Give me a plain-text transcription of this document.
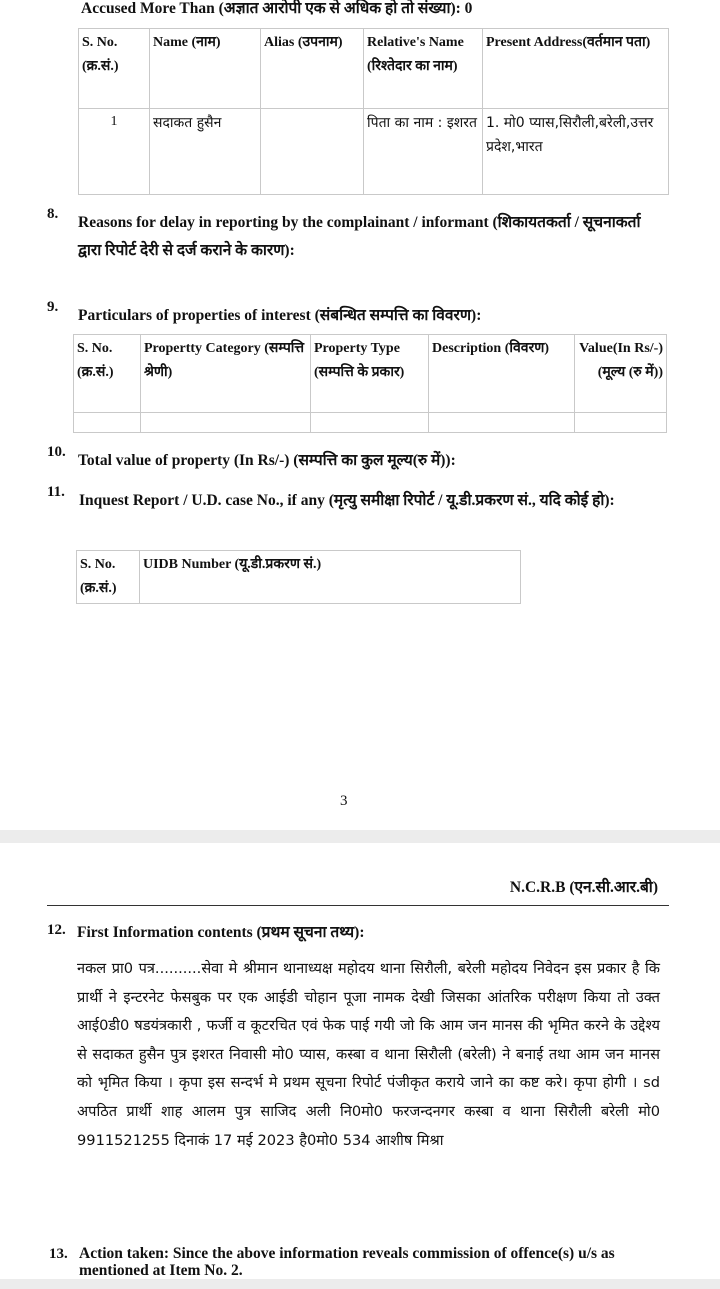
Accused More Than (अज्ञात आरोपी एक से अधिक हो तो संख्या): 0
S. No. (क्र.सं.)	Name (नाम)	Alias (उपनाम)	Relative's Name (रिश्तेदार का नाम)	Present Address(वर्तमान पता)
1	सदाकत हुसैन		पिता का नाम : इशरत	1. मो0 प्यास,सिरौली,बरेली,उत्तर प्रदेश,भारत
8. Reasons for delay in reporting by the complainant / informant (शिकायतकर्ता / सूचनाकर्ता द्वारा रिपोर्ट देरी से दर्ज कराने के कारण):
9. Particulars of properties of interest (संबन्धित सम्पत्ति का विवरण):
S. No. (क्र.सं.)	Propertty Category (सम्पत्ति श्रेणी)	Property Type (सम्पत्ति के प्रकार)	Description (विवरण)	Value(In Rs/-) (मूल्य (रु में))

10. Total value of property (In Rs/-) (सम्पत्ति का कुल मूल्य(रु में)):
11. Inquest Report / U.D. case No., if any (मृत्यु समीक्षा रिपोर्ट / यू.डी.प्रकरण सं., यदि कोई हो):
S. No. (क्र.सं.)	UIDB Number (यू.डी.प्रकरण सं.)
3
N.C.R.B (एन.सी.आर.बी)
12. First Information contents (प्रथम सूचना तथ्य):
नकल प्रा0 पत्र..........सेवा मे श्रीमान थानाध्यक्ष महोदय थाना सिरौली, बरेली महोदय निवेदन इस प्रकार है कि प्रार्थी ने इन्टरनेट फेसबुक पर एक आईडी चोहान पूजा नामक देखी जिसका आंतरिक परीक्षण किया तो उक्त आई0डी0 षडयंत्रकारी , फर्जी व कूटरचित एवं फेक पाई गयी जो कि आम जन मानस की भृमित करने के उद्देश्य से सदाकत हुसैन पुत्र इशरत निवासी मो0 प्यास, कस्बा व थाना सिरौली (बरेली) ने बनाई तथा आम जन मानस को भृमित किया । कृपा इस सन्दर्भ मे प्रथम सूचना रिपोर्ट पंजीकृत कराये जाने का कष्ट करे। कृपा होगी । sd अपठित प्रार्थी शाह आलम पुत्र साजिद अली नि0मो0 फरजन्दनगर कस्बा व थाना सिरौली बरेली मो0 9911521255 दिनाकं 17 मई 2023 है0मो0 534 आशीष मिश्रा
13. Action taken: Since the above information reveals commission of offence(s) u/s as mentioned at Item No. 2.
